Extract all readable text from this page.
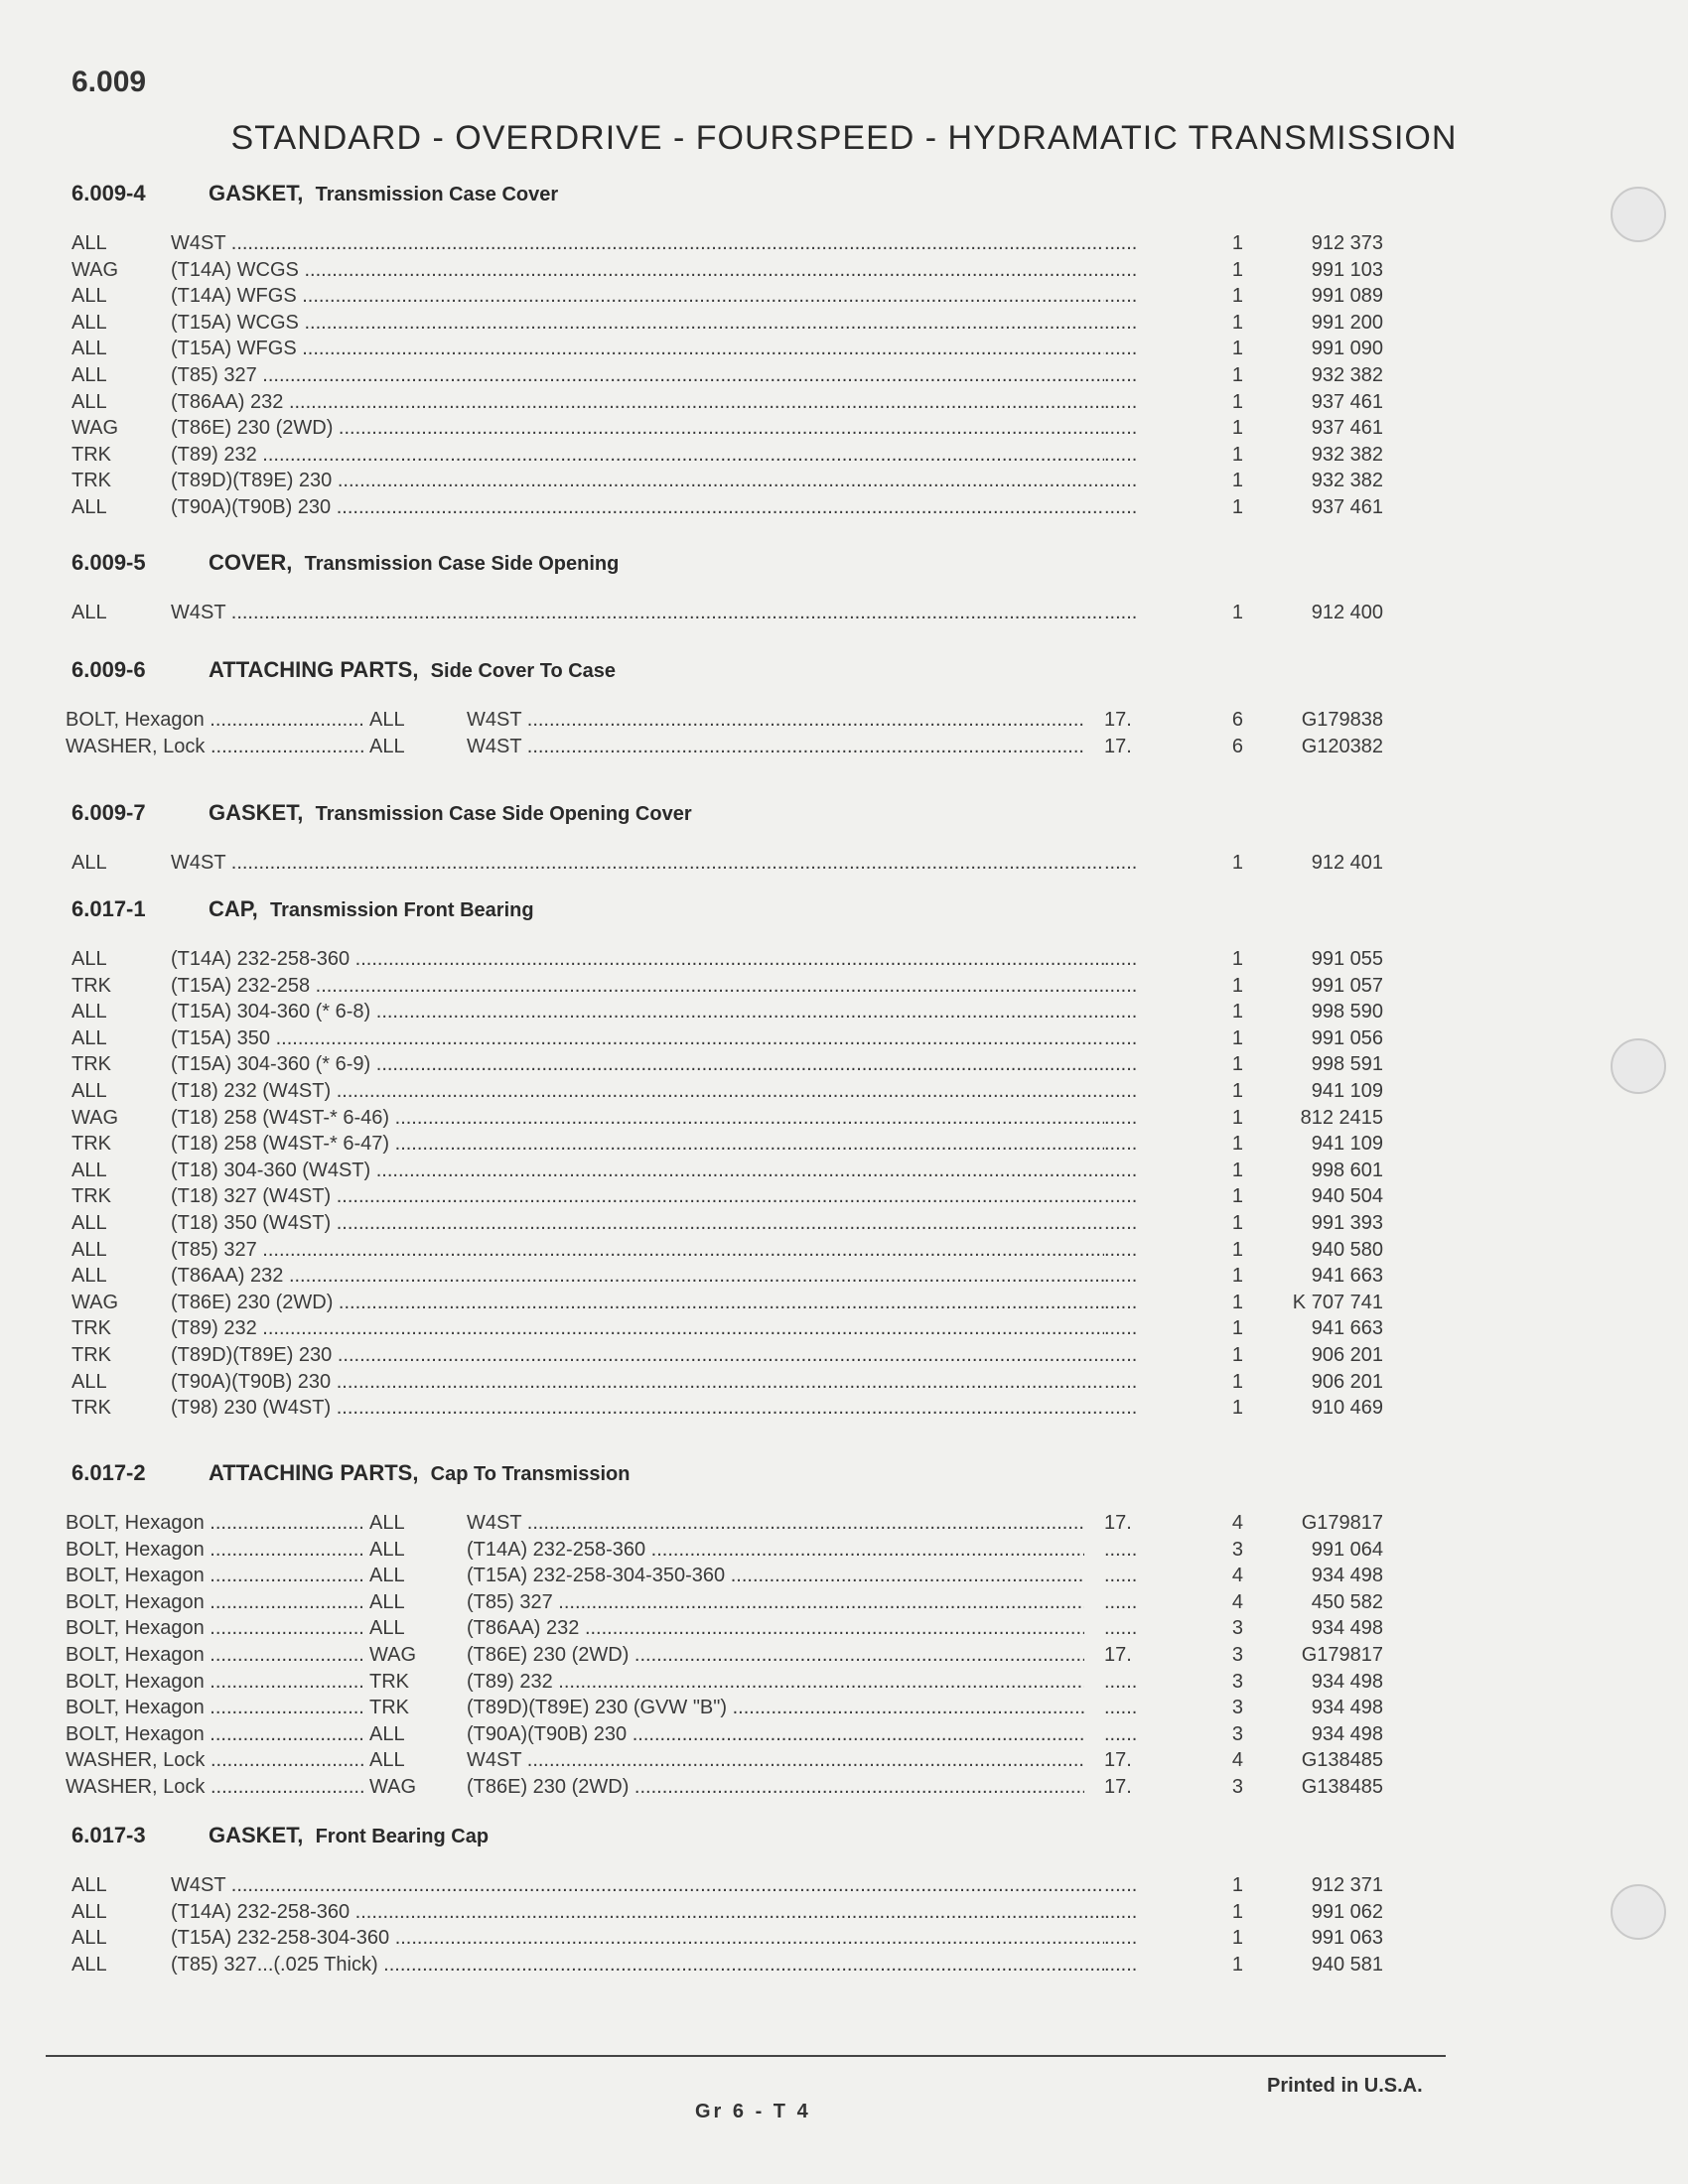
6.009
STANDARD - OVERDRIVE - FOURSPEED - HYDRAMATIC TRANSMISSION
6.009-4	GASKET, Transmission Case Cover
ALL	W4ST .....	......	1	912 373
WAG	(T14A) WCGS .....	......	1	991 103
ALL	(T14A) WFGS .....	......	1	991 089
ALL	(T15A) WCGS .....	......	1	991 200
ALL	(T15A) WFGS .....	......	1	991 090
ALL	(T85) 327 .....	......	1	932 382
ALL	(T86AA) 232 .....	......	1	937 461
WAG	(T86E) 230 (2WD) .....	......	1	937 461
TRK	(T89) 232 .....	......	1	932 382
TRK	(T89D)(T89E) 230 .....	......	1	932 382
ALL	(T90A)(T90B) 230 .....	......	1	937 461
6.009-5	COVER, Transmission Case Side Opening
ALL	W4ST .....	......	1	912 400
6.009-6	ATTACHING PARTS, Side Cover To Case
BOLT, Hexagon .....	ALL	W4ST .....	17.	6	G179838
WASHER, Lock .....	ALL	W4ST .....	17.	6	G120382
6.009-7	GASKET, Transmission Case Side Opening Cover
ALL	W4ST .....	......	1	912 401
6.017-1	CAP, Transmission Front Bearing
ALL	(T14A) 232-258-360 .....	......	1	991 055
TRK	(T15A) 232-258 .....	......	1	991 057
ALL	(T15A) 304-360 (* 6-8) .....	......	1	998 590
ALL	(T15A) 350 .....	......	1	991 056
TRK	(T15A) 304-360 (* 6-9) .....	......	1	998 591
ALL	(T18) 232 (W4ST) .....	......	1	941 109
WAG	(T18) 258 (W4ST-* 6-46) .....	......	1	812 2415
TRK	(T18) 258 (W4ST-* 6-47) .....	......	1	941 109
ALL	(T18) 304-360 (W4ST) .....	......	1	998 601
TRK	(T18) 327 (W4ST) .....	......	1	940 504
ALL	(T18) 350 (W4ST) .....	......	1	991 393
ALL	(T85) 327 .....	......	1	940 580
ALL	(T86AA) 232 .....	......	1	941 663
WAG	(T86E) 230 (2WD) .....	......	1	K 707 741
TRK	(T89) 232 .....	......	1	941 663
TRK	(T89D)(T89E) 230 .....	......	1	906 201
ALL	(T90A)(T90B) 230 .....	......	1	906 201
TRK	(T98) 230 (W4ST) .....	......	1	910 469
6.017-2	ATTACHING PARTS, Cap To Transmission
BOLT, Hexagon .....	ALL	W4ST .....	17.	4	G179817
BOLT, Hexagon .....	ALL	(T14A) 232-258-360 .....	......	3	991 064
BOLT, Hexagon .....	ALL	(T15A) 232-258-304-350-360 .....	......	4	934 498
BOLT, Hexagon .....	ALL	(T85) 327 .....	......	4	450 582
BOLT, Hexagon .....	ALL	(T86AA) 232 .....	......	3	934 498
BOLT, Hexagon .....	WAG	(T86E) 230 (2WD) .....	17.	3	G179817
BOLT, Hexagon .....	TRK	(T89) 232 .....	......	3	934 498
BOLT, Hexagon .....	TRK	(T89D)(T89E) 230 (GVW "B") .....	......	3	934 498
BOLT, Hexagon .....	ALL	(T90A)(T90B) 230 .....	......	3	934 498
WASHER, Lock .....	ALL	W4ST .....	17.	4	G138485
WASHER, Lock .....	WAG	(T86E) 230 (2WD) .....	17.	3	G138485
6.017-3	GASKET, Front Bearing Cap
ALL	W4ST .....	......	1	912 371
ALL	(T14A) 232-258-360 .....	......	1	991 062
ALL	(T15A) 232-258-304-360 .....	......	1	991 063
ALL	(T85) 327...(.025 Thick) .....	......	1	940 581
Printed in U.S.A.
Gr 6 - T 4
